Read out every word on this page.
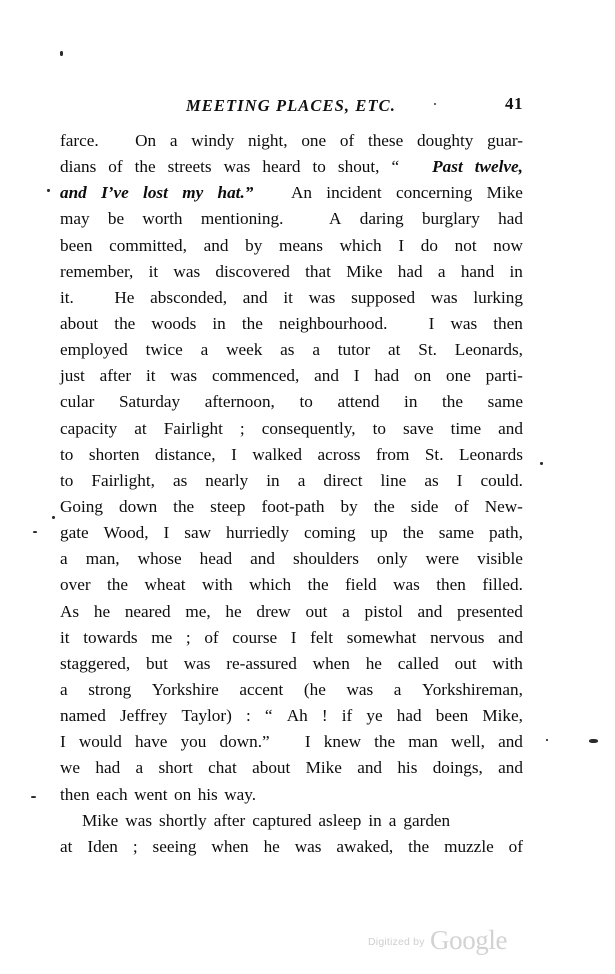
MEETING PLACES, ETC.	41
farce. On a windy night, one of these doughty guar-
dians of the streets was heard to shout, “ Past twelve,
and I’ve lost my hat.” An incident concerning Mike
may be worth mentioning.	A daring burglary had
been committed, and by means which I do not now
remember, it was discovered that Mike had a hand in
it. He absconded, and it was supposed was lurking
about the woods in the neighbourhood. I was then
employed twice a week as a tutor at St. Leonards,
just after it was commenced, and I had on one parti-
cular Saturday afternoon, to attend in the same
capacity at Fairlight ; consequently, to save time and
to shorten distance, I walked across from St. Leonards
to Fairlight, as nearly in a direct line as I could.
Going down the steep foot-path by the side of New-
gate Wood, I saw hurriedly coming up the same path,
a man, whose head and shoulders only were visible
over the wheat with which the field was then filled.
As he neared me, he drew out a pistol and presented
it towards me ; of course I felt somewhat nervous and
staggered, but was re-assured when he called out with
a strong Yorkshire accent (he was a Yorkshireman,
named Jeffrey Taylor) : “ Ah ! if ye had been Mike,
I would have you down.” I knew the man well, and
we had a short chat about Mike and his doings, and
then each went on his way.
Mike was shortly after captured asleep in a garden
at Iden ; seeing when he was awaked, the muzzle of
Digitized by Google
